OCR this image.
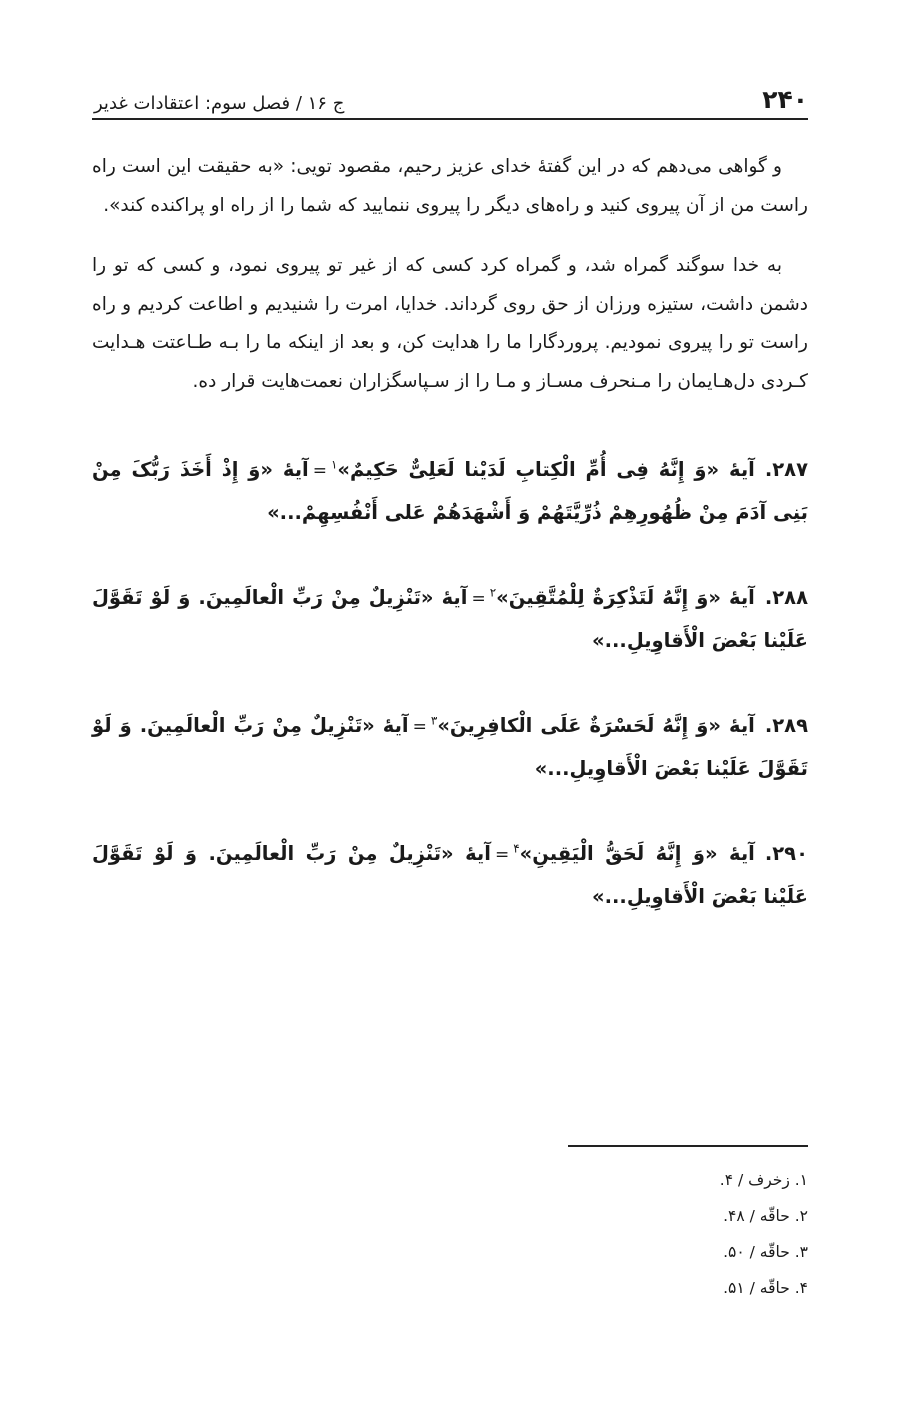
۲۴۰
ج ۱۶ / فصل سوم: اعتقادات غدیر

و گواهی می‌دهم که در این گفتهٔ خدای عزیز رحیم، مقصود تویی: «به حقیقت این است راه راست من از آن پیروی کنید و راه‌های دیگر را پیروی ننمایید که شما را از راه او پراکنده کند».

به خدا سوگند گمراه شد، و گمراه کرد کسی که از غیر تو پیروی نمود، و کسی که تو را دشمن داشت، ستیزه ورزان از حق روی گرداند. خدایا، امرت را شنیدیم و اطاعت کردیم و راه راست تو را پیروی نمودیم. پروردگارا ما را هدایت کن، و بعد از اینکه ما را بـه طـاعتت هـدایت کـردی دل‌هـایمان را مـنحرف مسـاز و مـا را از سـپاسگزاران نعمت‌هایت قرار ده.

۲۸۷.آیهٔ «وَ إِنَّهُ فِی أُمِّ الْکِتابِ لَدَیْنا لَعَلِیٌّ حَکِیمٌ»$^۱$=آیهٔ «وَ إِذْ أَخَذَ رَبُّکَ مِنْ بَنِی آدَمَ مِنْ ظُهُورِهِمْ ذُرِّیَّتَهُمْ وَ أَشْهَدَهُمْ عَلی أَنْفُسِهِمْ...»

۲۸۸.آیهٔ «وَ إِنَّهُ لَتَذْکِرَةٌ لِلْمُتَّقِینَ»$^۲$=آیهٔ «تَنْزِیلٌ مِنْ رَبِّ الْعالَمِینَ. وَ لَوْ تَقَوَّلَ عَلَیْنا بَعْضَ الْأَقاوِیلِ...»

۲۸۹.آیهٔ «وَ إِنَّهُ لَحَسْرَةٌ عَلَی الْکافِرِینَ»$^۳$=آیهٔ «تَنْزِیلٌ مِنْ رَبِّ الْعالَمِینَ. وَ لَوْ تَقَوَّلَ عَلَیْنا بَعْضَ الْأَقاوِیلِ...»

۲۹۰.آیهٔ «وَ إِنَّهُ لَحَقُّ الْیَقِینِ»$^۴$=آیهٔ «تَنْزِیلٌ مِنْ رَبِّ الْعالَمِینَ. وَ لَوْ تَقَوَّلَ عَلَیْنا بَعْضَ الْأَقاوِیلِ...»

۱. زخرف / ۴.
۲. حاقّه / ۴۸.
۳. حاقّه / ۵۰.
۴. حاقّه / ۵۱.
